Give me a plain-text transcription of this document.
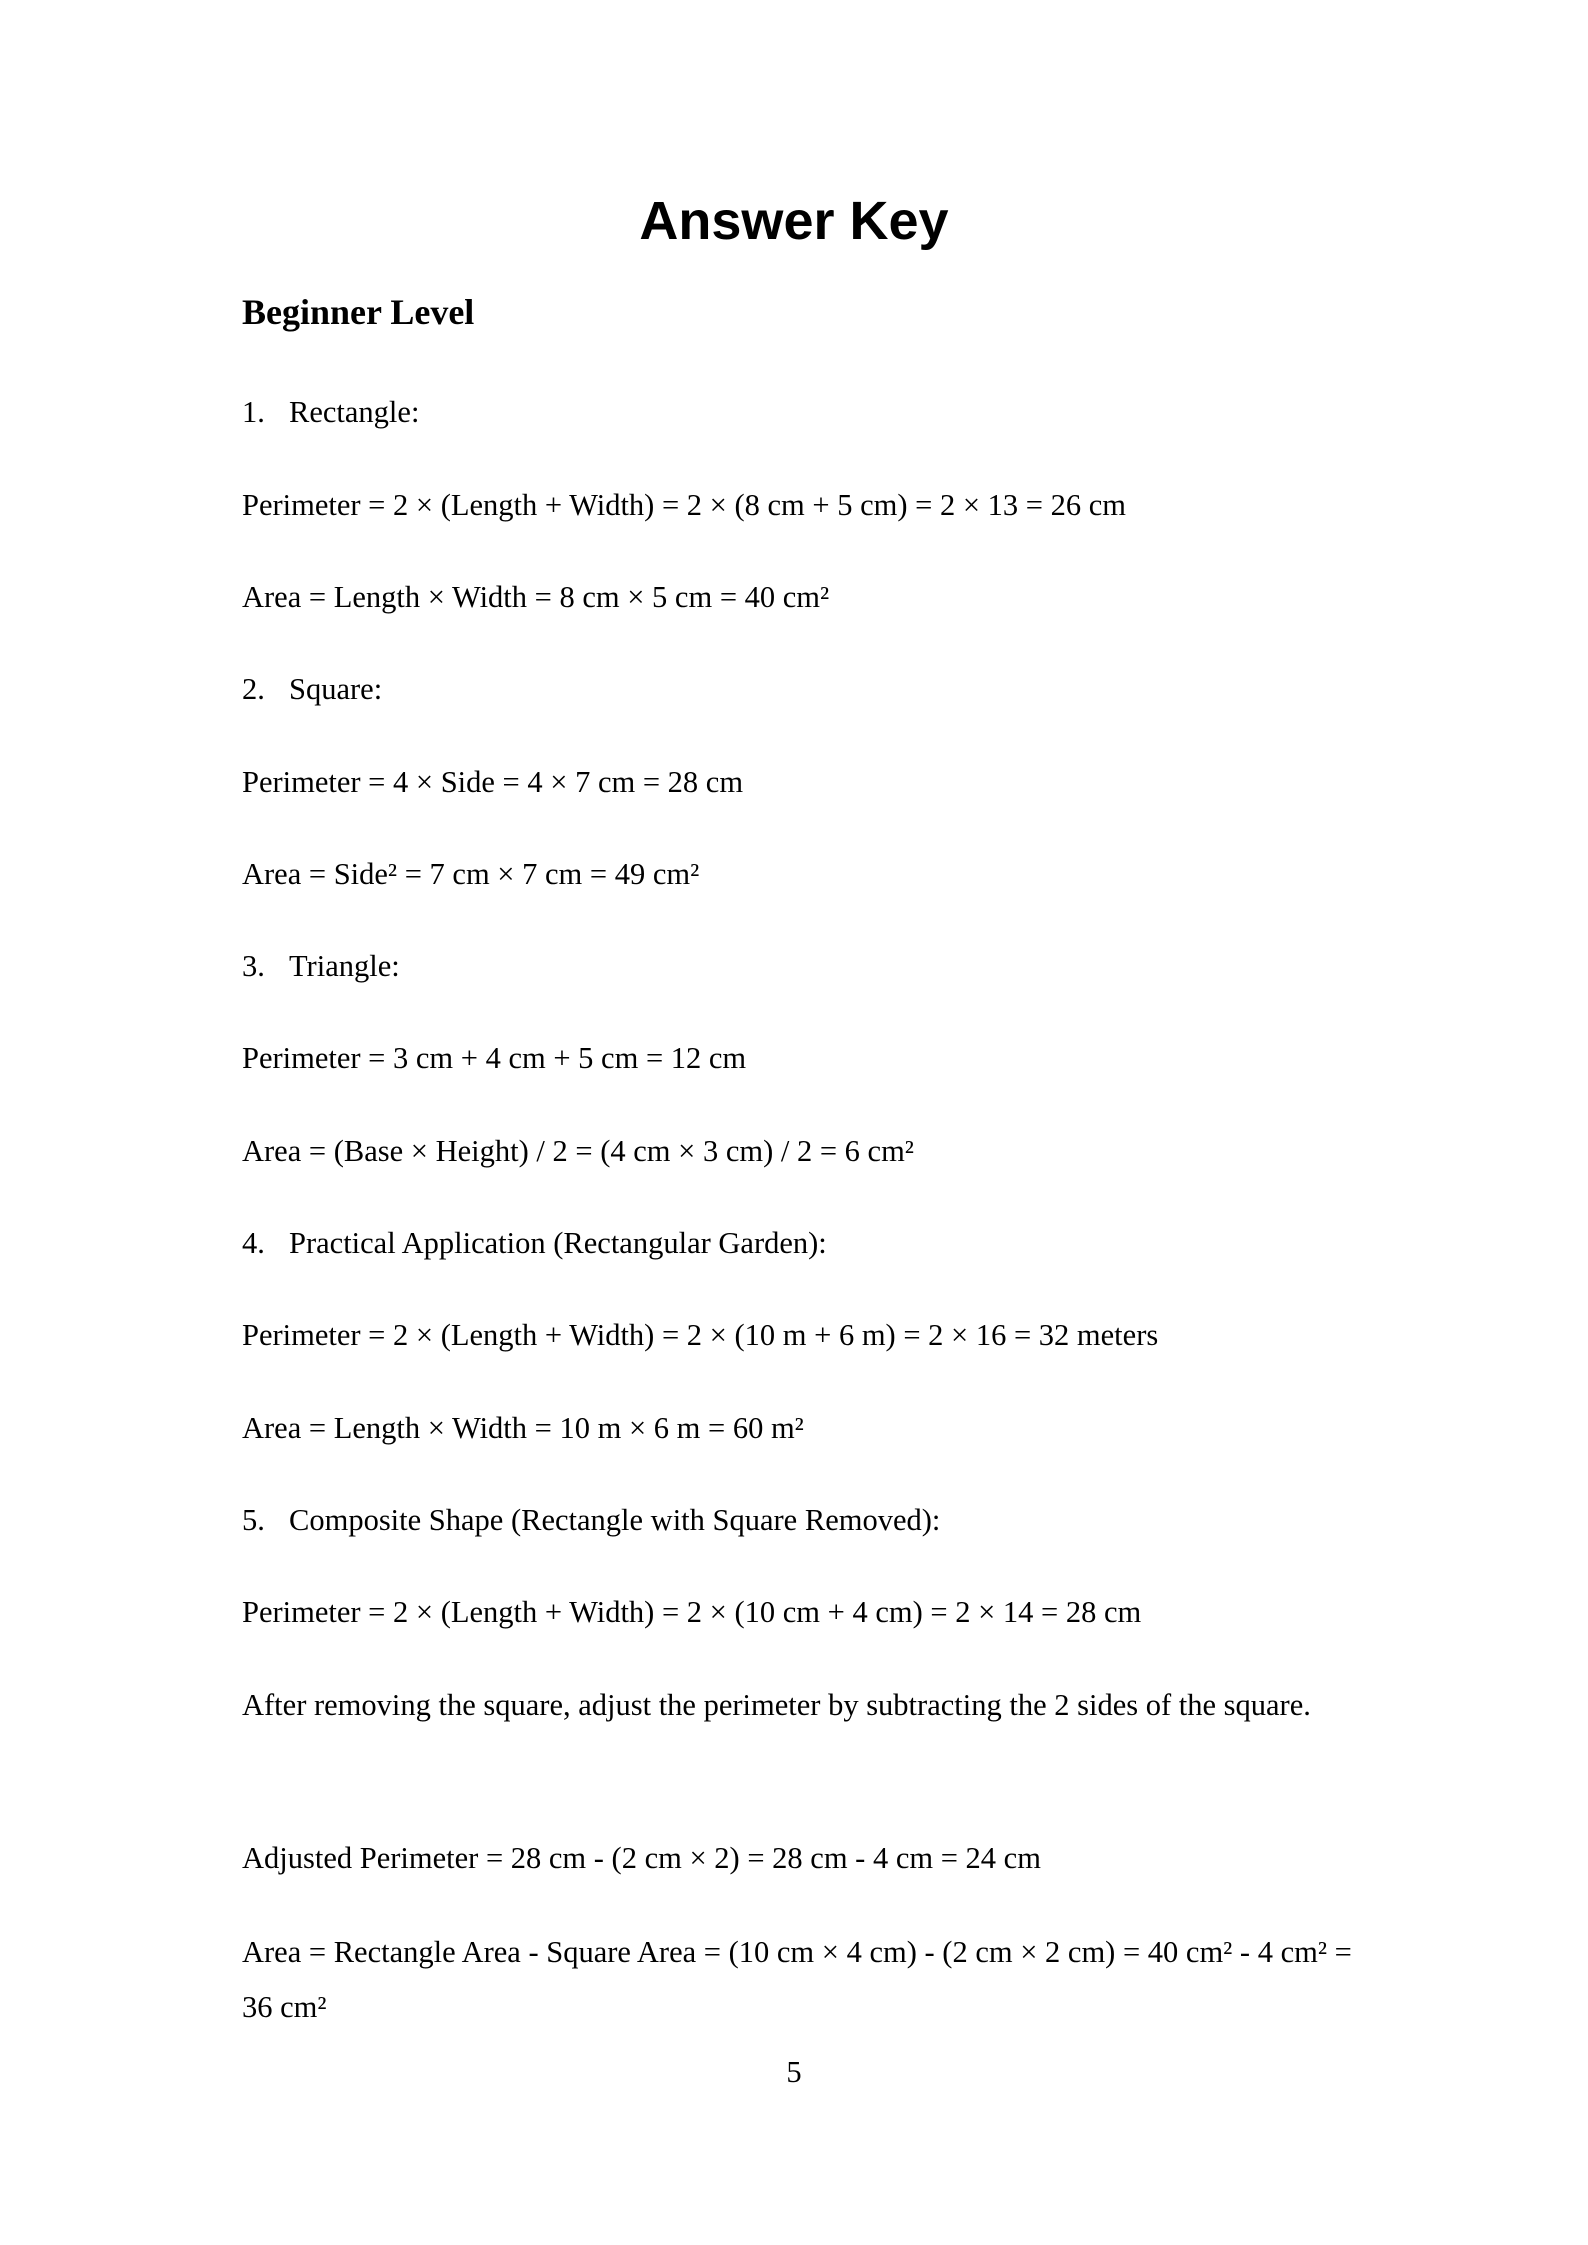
Answer Key
Beginner Level

1. Rectangle:

Perimeter = 2 × (Length + Width) = 2 × (8 cm + 5 cm) = 2 × 13 = 26 cm

Area = Length × Width = 8 cm × 5 cm = 40 cm²

2. Square:

Perimeter = 4 × Side = 4 × 7 cm = 28 cm

Area = Side² = 7 cm × 7 cm = 49 cm²

3. Triangle:

Perimeter = 3 cm + 4 cm + 5 cm = 12 cm

Area = (Base × Height) / 2 = (4 cm × 3 cm) / 2 = 6 cm²

4. Practical Application (Rectangular Garden):

Perimeter = 2 × (Length + Width) = 2 × (10 m + 6 m) = 2 × 16 = 32 meters

Area = Length × Width = 10 m × 6 m = 60 m²

5. Composite Shape (Rectangle with Square Removed):

Perimeter = 2 × (Length + Width) = 2 × (10 cm + 4 cm) = 2 × 14 = 28 cm

After removing the square, adjust the perimeter by subtracting the 2 sides of the square.

Adjusted Perimeter = 28 cm - (2 cm × 2) = 28 cm - 4 cm = 24 cm

Area = Rectangle Area - Square Area = (10 cm × 4 cm) - (2 cm × 2 cm) = 40 cm² - 4 cm² = 36 cm²

5
